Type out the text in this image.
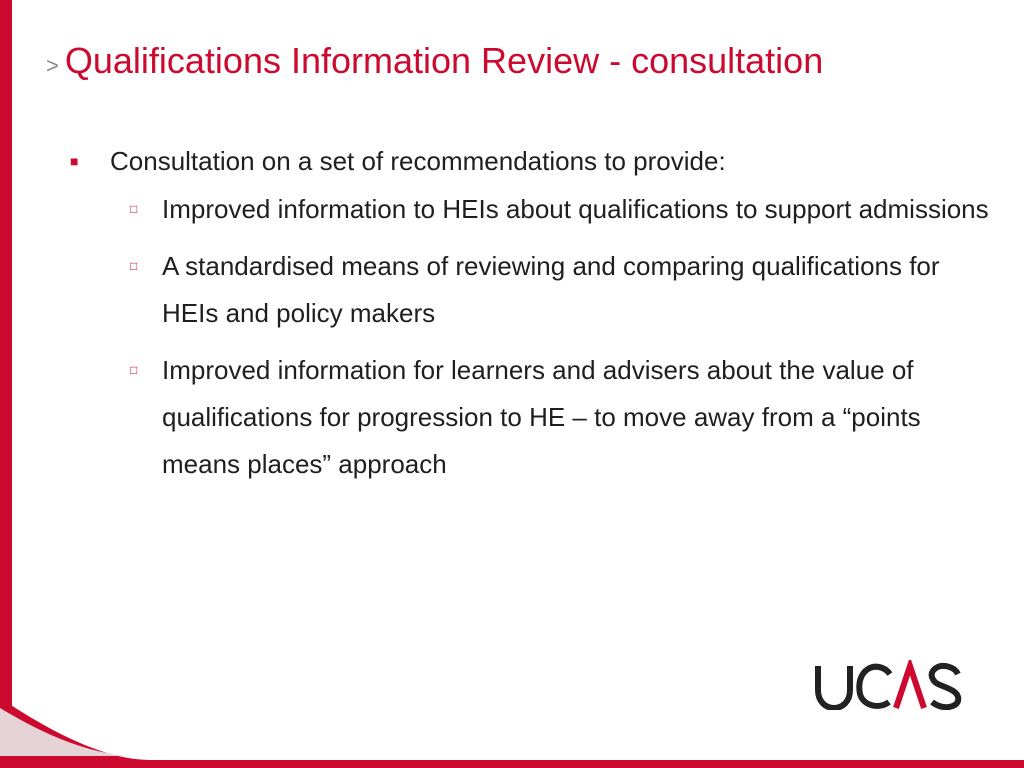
> Qualifications Information Review - consultation
■	Consultation on a set of recommendations to provide:
□ Improved information to HEIs about qualifications to support admissions
□ A standardised means of reviewing and comparing qualifications for HEIs and policy makers
□ Improved information for learners and advisers about the value of qualifications for progression to HE – to move away from a “points means places” approach
